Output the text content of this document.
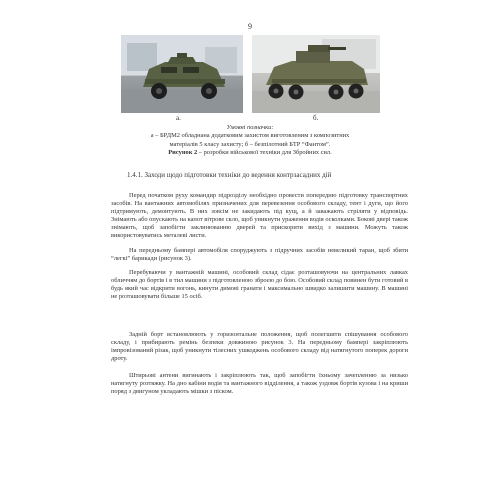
9
а.	б.
Умовні позначки:
а – БРДМ2 обладнана додатковим захистом виготовленим з композитних
матеріалів 5 класу захисту; б – безпілотний БТР “Фантом”.
Рисунок 2 – розробки військової техніки для Збройних сил.
1.4.1. Заходи щодо підготовки техніки до ведення контрзасадних дій

Перед початком руху командир підрозділу необхідно провести попередню підготовку транспортних засобів. На вантажних автомобілях призначених для перевезення особового складу, тент і дуги, що його підтримують, демонтують. В них зовсім не закидають під кущ, а й заважають стріляти у відповідь. Знімають або опускають на капот вітрове скло, щоб уникнути ураження водія осколками. Бокові двері також знімають, щоб запобігти заклинюванню дверей та прискорити вихід з машини. Можуть також використовуватись металеві листи.

На передньому бампері автомобіля споруджують з підручних засобів невеликий таран, щоб збити “легкі” барикади (рисунок 3).

Перебуваючи у вантажній машині, особовий склад сідає розташовуючи на центральних лавках обличчям до бортів і в тил машини з підготовленою зброєю до бою. Особовий склад повинен бути готовий в будь який час відкрити вогонь, кинути димові гранати і максимально швидко залишити машину. В машині не розташовувати більше 15 осіб.

Задній борт встановлюють у горизонтальне положення, щоб полегшити спішування особового складу, і прибирають ремінь безпеки довжиною рисунок 3. На передньому бампері закріплюють імпровізований різак, щоб уникнути тілесних ушкоджень особового складу від натягнутого поперек дороги дроту.

Штирьові антени вигинають і закріплюють так, щоб запобігти їхньому зачепленню за низько натягнуту розтяжку. На дно кабіни водія та вантажного відділення, а також уздовж бортів кузова і на криши поряд з двигуном укладають мішки з піском.
